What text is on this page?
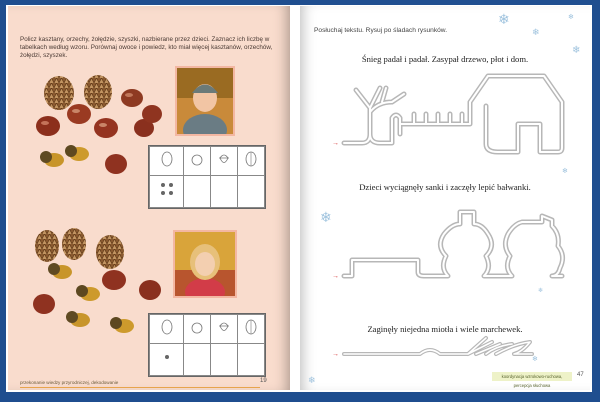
Policz kasztany, orzechy, żołędzie, szyszki, nazbierane przez dzieci. Zaznacz ich liczbę w tabelkach według wzoru. Porównaj owoce i powiedz, kto miał więcej kasztanów, orzechów, żołędzi, szyszek.

przekonanie wiedzy przyrodniczej, dekodowanie	19
Posłuchaj tekstu. Rysuj po śladach rysunków.
❄
❄
❄
❄
❄
❄
❄
❄
❄
Śnieg padał i padał. Zasypał drzewo, płot i dom.
Dzieci wyciągnęły sanki i zaczęły lepić bałwanki.
Zaginęły niejedna miotła i wiele marchewek.
→
→
→
koordynacja wzrokowo-ruchowa, percepcja słuchowa
47
